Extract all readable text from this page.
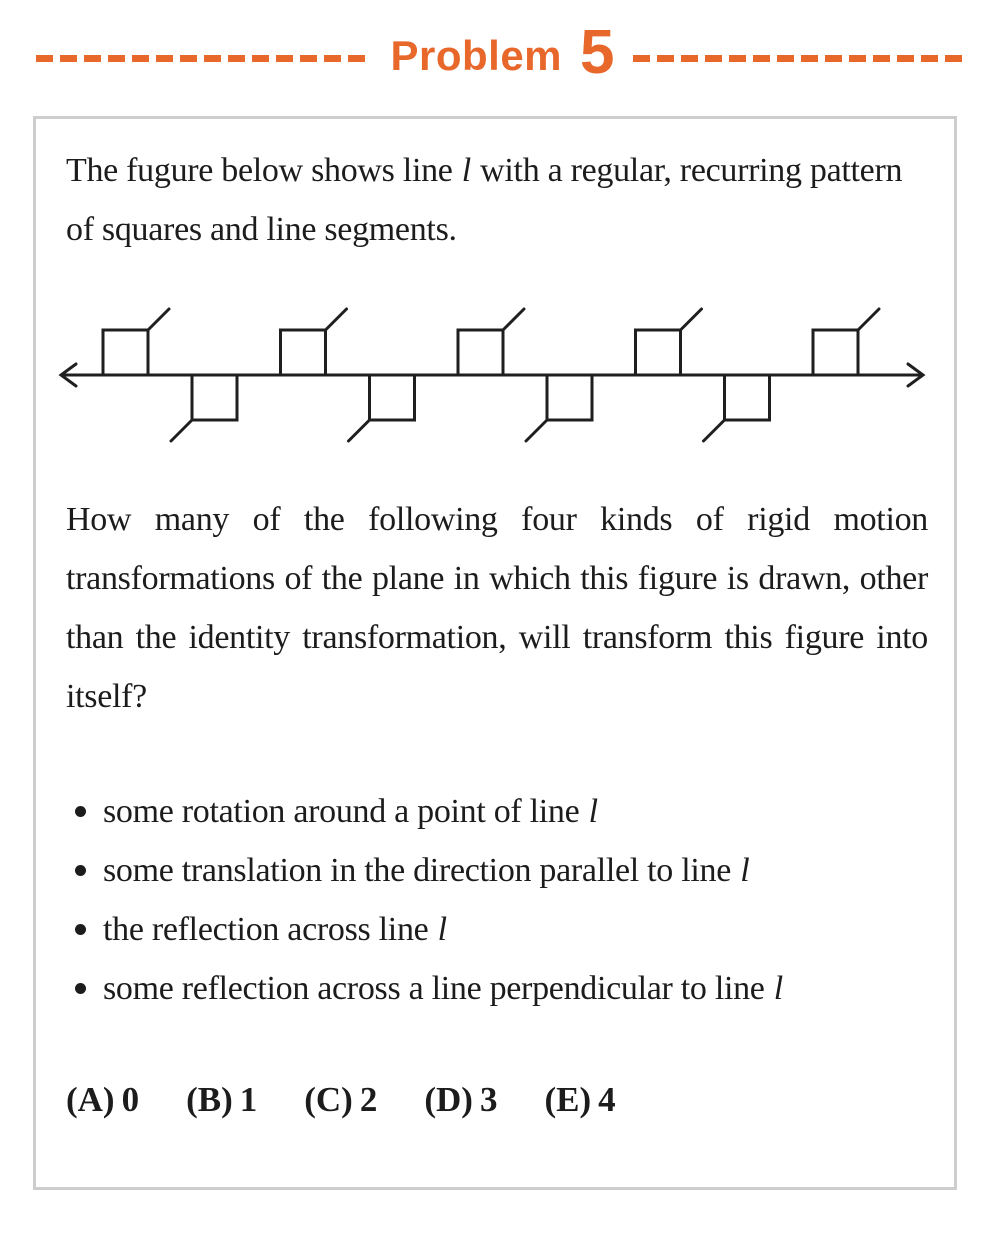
Problem 5

The fugure below shows line l with a regular, recurring pattern of squares and line segments.

How many of the following four kinds of rigid motion transformations of the plane in which this figure is drawn, other than the identity transformation, will transform this figure into itself?

some rotation around a point of line l
some translation in the direction parallel to line l
the reflection across line l
some reflection across a line perpendicular to line l
(A) 0 (B) 1 (C) 2 (D) 3 (E) 4
